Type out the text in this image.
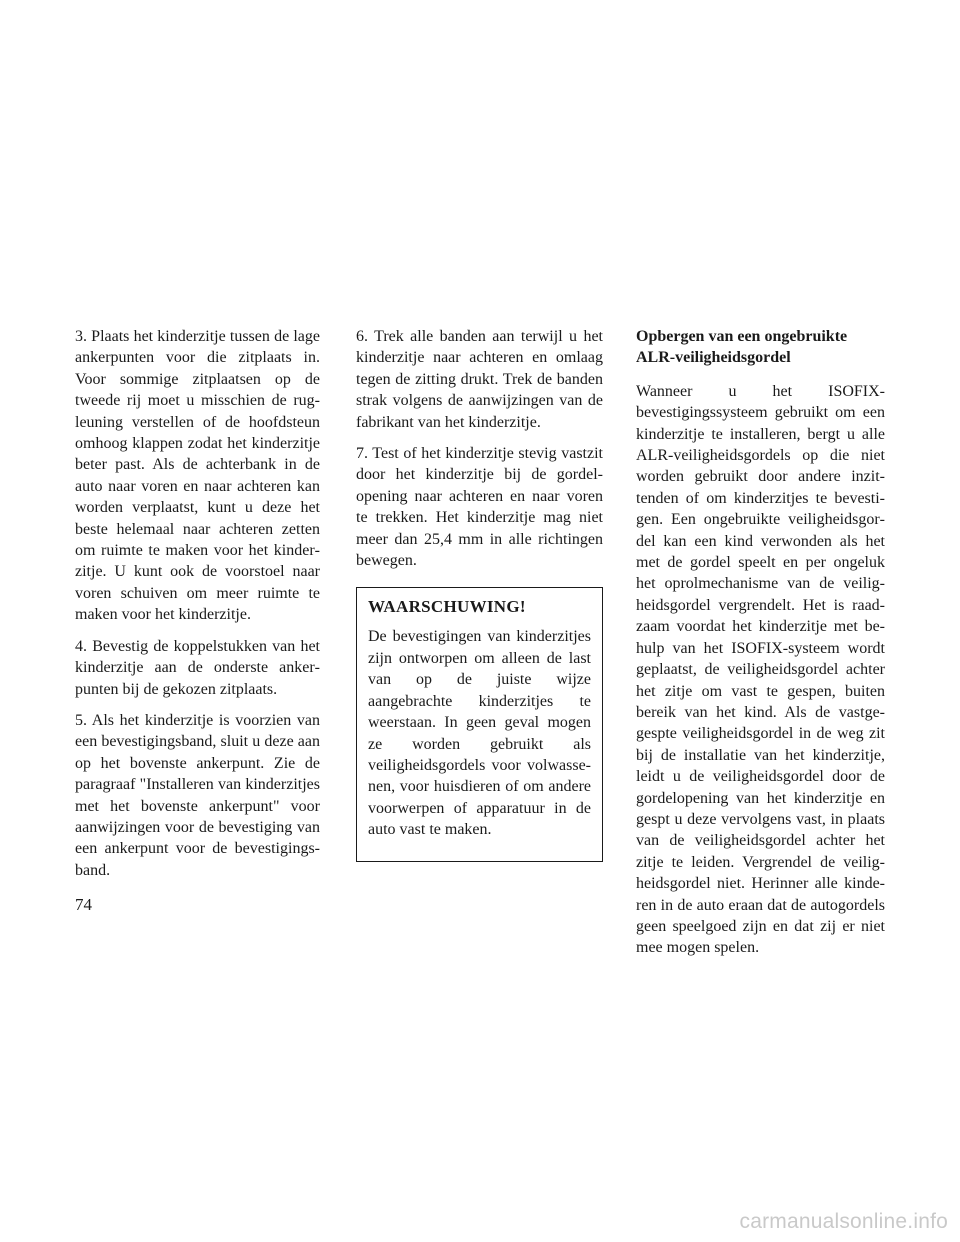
3. Plaats het kinderzitje tussen de lage ankerpunten voor die zitplaats in. Voor sommige zitplaatsen op de tweede rij moet u misschien de rugleuning verstellen of de hoofdsteun omhoog klappen zodat het kinderzitje beter past. Als de achterbank in de auto naar voren en naar achteren kan worden verplaatst, kunt u deze het beste helemaal naar achteren zetten om ruimte te maken voor het kinderzitje. U kunt ook de voorstoel naar voren schuiven om meer ruimte te maken voor het kinderzitje.

4. Bevestig de koppelstukken van het kinderzitje aan de onderste ankerpunten bij de gekozen zitplaats.

5. Als het kinderzitje is voorzien van een bevestigingsband, sluit u deze aan op het bovenste ankerpunt. Zie de paragraaf "Installeren van kinderzitjes met het bovenste ankerpunt" voor aanwijzingen voor de bevestiging van een ankerpunt voor de bevestigingsband.

6. Trek alle banden aan terwijl u het kinderzitje naar achteren en omlaag tegen de zitting drukt. Trek de banden strak volgens de aanwijzingen van de fabrikant van het kinderzitje.

7. Test of het kinderzitje stevig vastzit door het kinderzitje bij de gordelopening naar achteren en naar voren te trekken. Het kinderzitje mag niet meer dan 25,4 mm in alle richtingen bewegen.

WAARSCHUWING!

De bevestigingen van kinderzitjes zijn ontworpen om alleen de last van op de juiste wijze aangebrachte kinderzitjes te weerstaan. In geen geval mogen ze worden gebruikt als veiligheidsgordels voor volwassenen, voor huisdieren of om andere voorwerpen of apparatuur in de auto vast te maken.

Opbergen van een ongebruikte
ALR-veiligheidsgordel

Wanneer u het ISOFIX-bevestigingssysteem gebruikt om een kinderzitje te installeren, bergt u alle ALR-veiligheidsgordels op die niet worden gebruikt door andere inzittenden of om kinderzitjes te bevestigen. Een ongebruikte veiligheidsgordel kan een kind verwonden als het met de gordel speelt en per ongeluk het oprolmechanisme van de veiligheidsgordel vergrendelt. Het is raadzaam voordat het kinderzitje met behulp van het ISOFIX-systeem wordt geplaatst, de veiligheidsgordel achter het zitje om vast te gespen, buiten bereik van het kind. Als de vastgegespte veiligheidsgordel in de weg zit bij de installatie van het kinderzitje, leidt u de veiligheidsgordel door de gordelopening van het kinderzitje en gespt u deze vervolgens vast, in plaats van de veiligheidsgordel achter het zitje te leiden. Vergrendel de veiligheidsgordel niet. Herinner alle kinderen in de auto eraan dat de autogordels geen speelgoed zijn en dat zij er niet mee mogen spelen.

74
carmanualsonline.info
